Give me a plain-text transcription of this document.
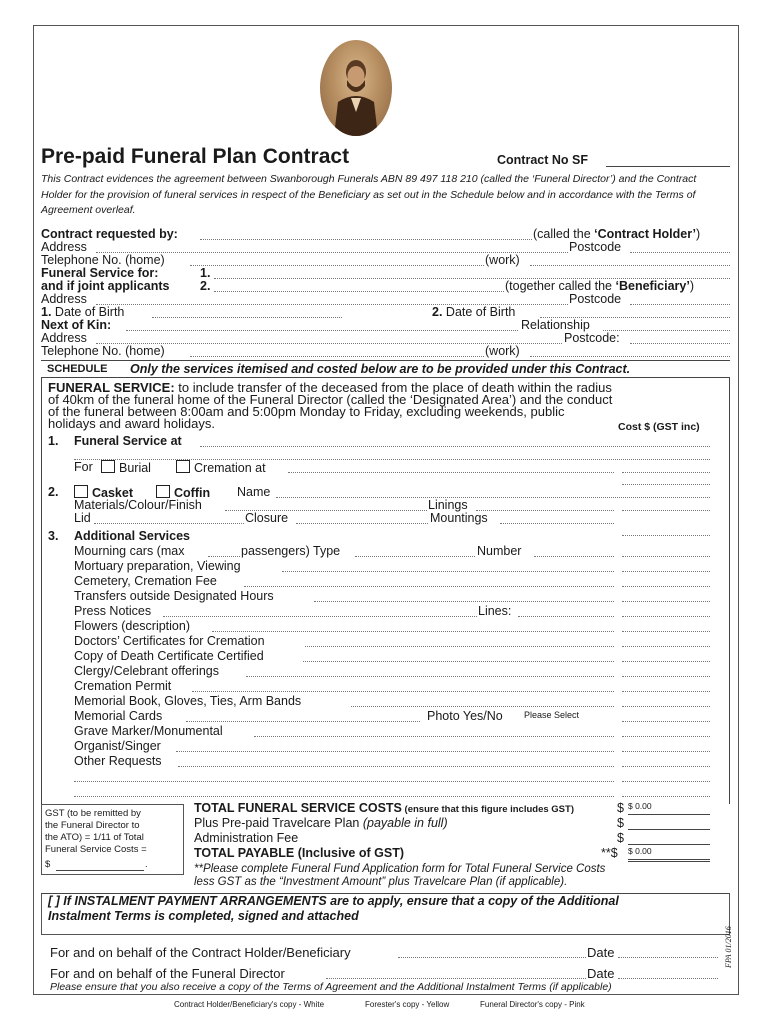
Pre-paid Funeral Plan Contract	Contract No SF
This Contract evidences the agreement between Swanborough Funerals ABN 89 497 118 210 (called the ‘Funeral Director’) and the Contract Holder for the provision of funeral services in respect of the Beneficiary as set out in the Schedule below and in accordance with the Terms of Agreement overleaf.
Contract requested by:	(called the ‘Contract Holder’)
Address	Postcode
Telephone No. (home)	(work)
Funeral Service for:	1.
and if joint applicants 2.	(together called the ‘Beneficiary’)
Address	Postcode
1. Date of Birth	2. Date of Birth
Next of Kin:	Relationship
Address	Postcode:
Telephone No. (home)	(work)
SCHEDULE Only the services itemised and costed below are to be provided under this Contract.
FUNERAL SERVICE: to include transfer of the deceased from the place of death within the radius
of 40km of the funeral home of the Funeral Director (called the ‘Designated Area’) and the conduct
of the funeral between 8:00am and 5:00pm Monday to Friday, excluding weekends, public
holidays and award holidays.	Cost $ (GST inc)
1. Funeral Service at
For	Burial	Cremation at
2.	Casket	Coffin Name
Materials/Colour/Finish	Linings
Lid	Closure	Mountings
3. Additional Services
Mourning cars (max	passengers) Type	Number
Mortuary preparation, Viewing
Cemetery, Cremation Fee
Transfers outside Designated Hours
Press Notices	Lines:
Flowers (description)
Doctors’ Certificates for Cremation
Copy of Death Certificate Certified
Clergy/Celebrant offerings
Cremation Permit
Memorial Book, Gloves, Ties, Arm Bands
Memorial Cards	Photo Yes/No Please Select
Grave Marker/Monumental
Organist/Singer
Other Requests
GST (to be remitted by
the Funeral Director to
the ATO) = 1/11 of Total
Funeral Service Costs =
$	.
TOTAL FUNERAL SERVICE COSTS (ensure that this figure includes GST)	$ $ 0.00
Plus Pre-paid Travelcare Plan (payable in full)	$
Administration Fee	$
TOTAL PAYABLE (Inclusive of GST)	**$ $ 0.00
**Please complete Funeral Fund Application form for Total Funeral Service Costs
less GST as the “Investment Amount” plus Travelcare Plan (if applicable).
[ ] If INSTALMENT PAYMENT ARRANGEMENTS are to apply, ensure that a copy of the Additional
Instalment Terms is completed, signed and attached
For and on behalf of the Contract Holder/Beneficiary	Date
For and on behalf of the Funeral Director	Date
Please ensure that you also receive a copy of the Terms of Agreement and the Additional Instalment Terms (if applicable)
FPA 01/2016
Contract Holder/Beneficiary's copy - White	Forester's copy - Yellow	Funeral Director's copy - Pink
